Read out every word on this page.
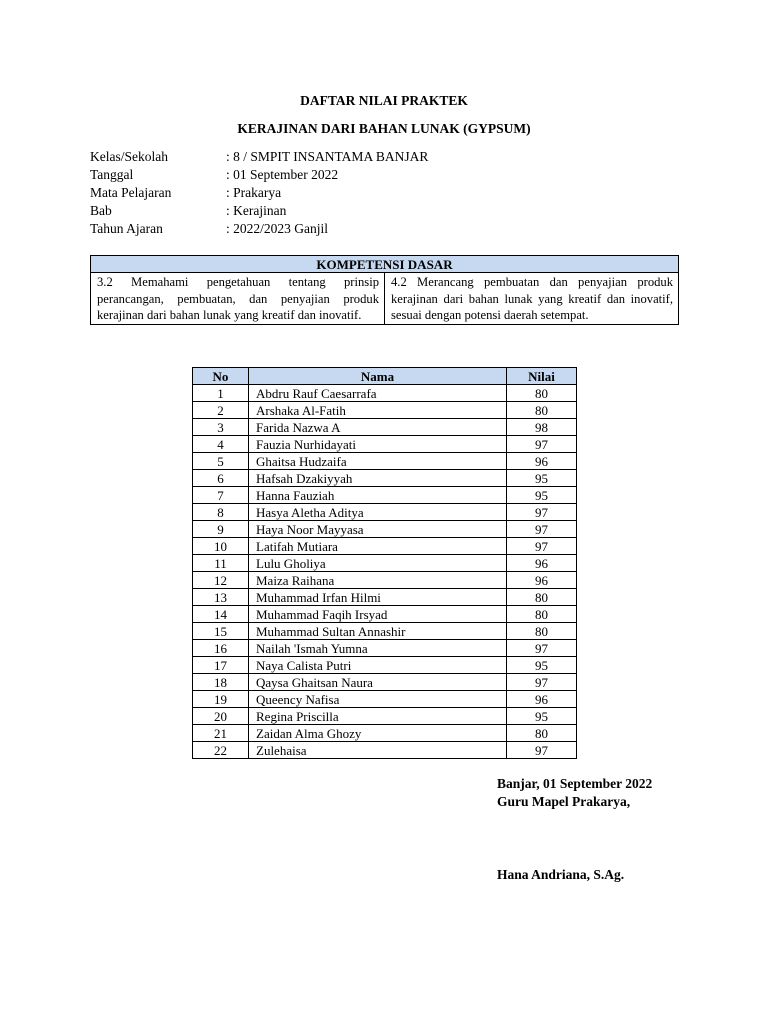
DAFTAR NILAI PRAKTEK
KERAJINAN DARI BAHAN LUNAK (GYPSUM)
Kelas/Sekolah	: 8 / SMPIT INSANTAMA BANJAR
Tanggal	: 01 September 2022
Mata Pelajaran	: Prakarya
Bab	: Kerajinan
Tahun Ajaran	: 2022/2023 Ganjil
KOMPETENSI DASAR
3.2 Memahami pengetahuan tentang prinsip perancangan, pembuatan, dan penyajian produk kerajinan dari bahan lunak yang kreatif dan inovatif.	4.2 Merancang pembuatan dan penyajian produk kerajinan dari bahan lunak yang kreatif dan inovatif, sesuai dengan potensi daerah setempat.
No	Nama	Nilai
1	Abdru Rauf Caesarrafa	80
2	Arshaka Al-Fatih	80
3	Farida Nazwa A	98
4	Fauzia Nurhidayati	97
5	Ghaitsa Hudzaifa	96
6	Hafsah Dzakiyyah	95
7	Hanna Fauziah	95
8	Hasya Aletha Aditya	97
9	Haya Noor Mayyasa	97
10	Latifah Mutiara	97
11	Lulu Gholiya	96
12	Maiza Raihana	96
13	Muhammad Irfan Hilmi	80
14	Muhammad Faqih Irsyad	80
15	Muhammad Sultan Annashir	80
16	Nailah 'Ismah Yumna	97
17	Naya Calista Putri	95
18	Qaysa Ghaitsan Naura	97
19	Queency Nafisa	96
20	Regina Priscilla	95
21	Zaidan Alma Ghozy	80
22	Zulehaisa	97
Banjar, 01 September 2022
Guru Mapel Prakarya,
Hana Andriana, S.Ag.
